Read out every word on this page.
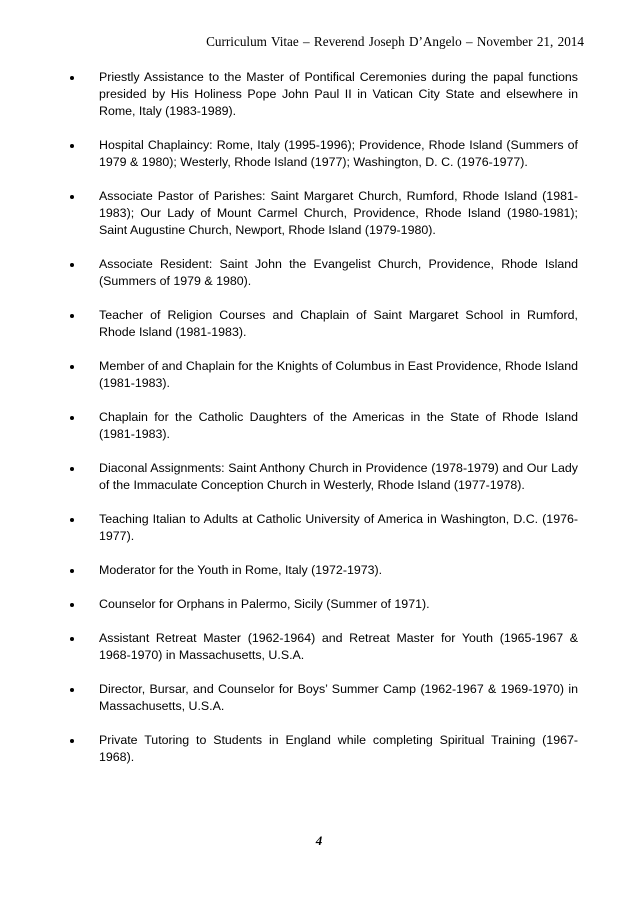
Curriculum Vitae – Reverend Joseph D’Angelo – November 21, 2014
Priestly Assistance to the Master of Pontifical Ceremonies during the papal functions presided by His Holiness Pope John Paul II in Vatican City State and elsewhere in Rome, Italy (1983-1989).
Hospital Chaplaincy: Rome, Italy (1995-1996); Providence, Rhode Island (Summers of 1979 & 1980); Westerly, Rhode Island (1977); Washington, D. C. (1976-1977).
Associate Pastor of Parishes: Saint Margaret Church, Rumford, Rhode Island (1981-1983); Our Lady of Mount Carmel Church, Providence, Rhode Island (1980-1981); Saint Augustine Church, Newport, Rhode Island (1979-1980).
Associate Resident: Saint John the Evangelist Church, Providence, Rhode Island (Summers of 1979 & 1980).
Teacher of Religion Courses and Chaplain of Saint Margaret School in Rumford, Rhode Island (1981-1983).
Member of and Chaplain for the Knights of Columbus in East Providence, Rhode Island (1981-1983).
Chaplain for the Catholic Daughters of the Americas in the State of Rhode Island (1981-1983).
Diaconal Assignments: Saint Anthony Church in Providence (1978-1979) and Our Lady of the Immaculate Conception Church in Westerly, Rhode Island (1977-1978).
Teaching Italian to Adults at Catholic University of America in Washington, D.C. (1976-1977).
Moderator for the Youth in Rome, Italy (1972-1973).
Counselor for Orphans in Palermo, Sicily (Summer of 1971).
Assistant Retreat Master (1962-1964) and Retreat Master for Youth (1965-1967 & 1968-1970) in Massachusetts, U.S.A.
Director, Bursar, and Counselor for Boys’ Summer Camp (1962-1967 & 1969-1970) in Massachusetts, U.S.A.
Private Tutoring to Students in England while completing Spiritual Training (1967-1968).
4
